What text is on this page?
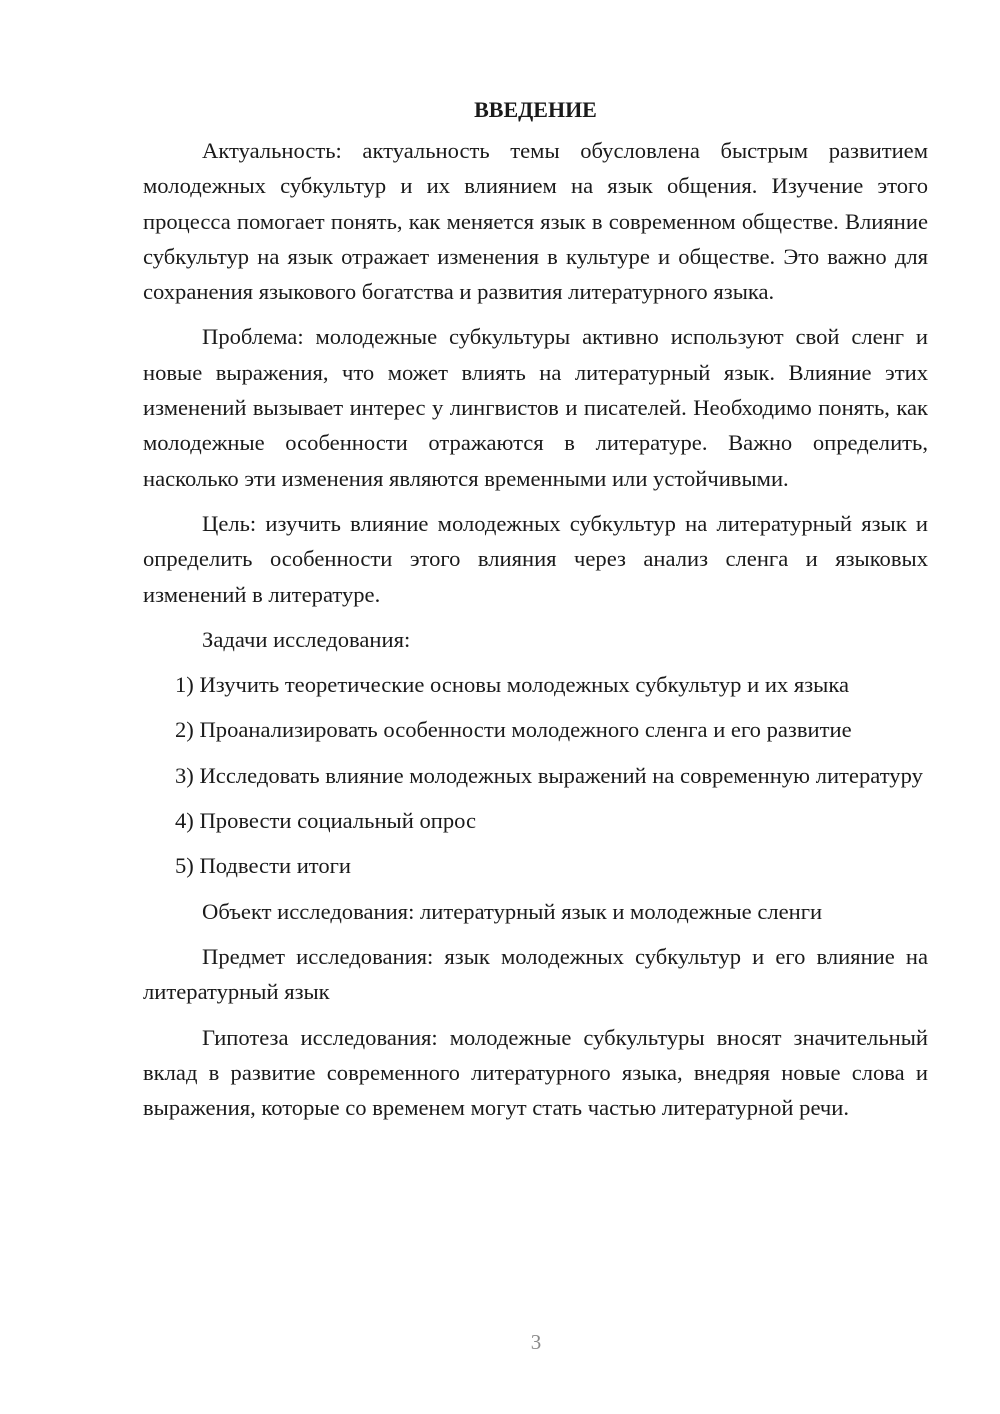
ВВЕДЕНИЕ

Актуальность: актуальность темы обусловлена быстрым развитием молодежных субкультур и их влиянием на язык общения. Изучение этого процесса помогает понять, как меняется язык в современном обществе. Влияние субкультур на язык отражает изменения в культуре и обществе. Это важно для сохранения языкового богатства и развития литературного языка.

Проблема: молодежные субкультуры активно используют свой сленг и новые выражения, что может влиять на литературный язык. Влияние этих изменений вызывает интерес у лингвистов и писателей. Необходимо понять, как молодежные особенности отражаются в литературе. Важно определить, насколько эти изменения являются временными или устойчивыми.

Цель: изучить влияние молодежных субкультур на литературный язык и определить особенности этого влияния через анализ сленга и языковых изменений в литературе.

Задачи исследования:

1) Изучить теоретические основы молодежных субкультур и их языка

2) Проанализировать особенности молодежного сленга и его развитие

3) Исследовать влияние молодежных выражений на современную литературу

4) Провести социальный опрос

5) Подвести итоги

Объект исследования: литературный язык и молодежные сленги

Предмет исследования: язык молодежных субкультур и его влияние на литературный язык

Гипотеза исследования: молодежные субкультуры вносят значительный вклад в развитие современного литературного языка, внедряя новые слова и выражения, которые со временем могут стать частью литературной речи.

3
